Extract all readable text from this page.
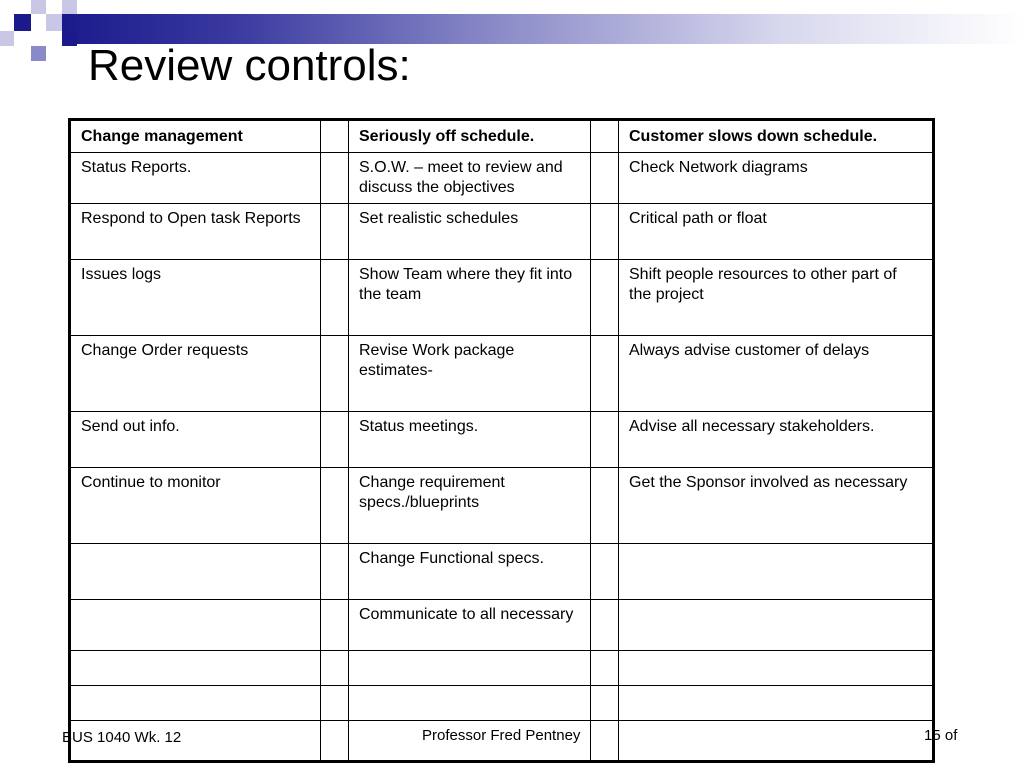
Review controls:
Change management		Seriously off schedule.		Customer slows down schedule.
Status Reports.		S.O.W. – meet to review and discuss the objectives		Check Network diagrams
Respond to Open task Reports		Set realistic schedules		Critical path or float
Issues logs		Show Team where they fit into the team		Shift people resources to other part of the project
Change Order requests		Revise Work package estimates-		Always advise customer of delays
Send out info.		Status meetings.		Advise all necessary stakeholders.
Continue to monitor		Change requirement specs./blueprints		Get the Sponsor involved as necessary
		Change Functional specs.		
		Communicate to all necessary		

BUS 1040 Wk. 12	Professor Fred Pentney	15 of
